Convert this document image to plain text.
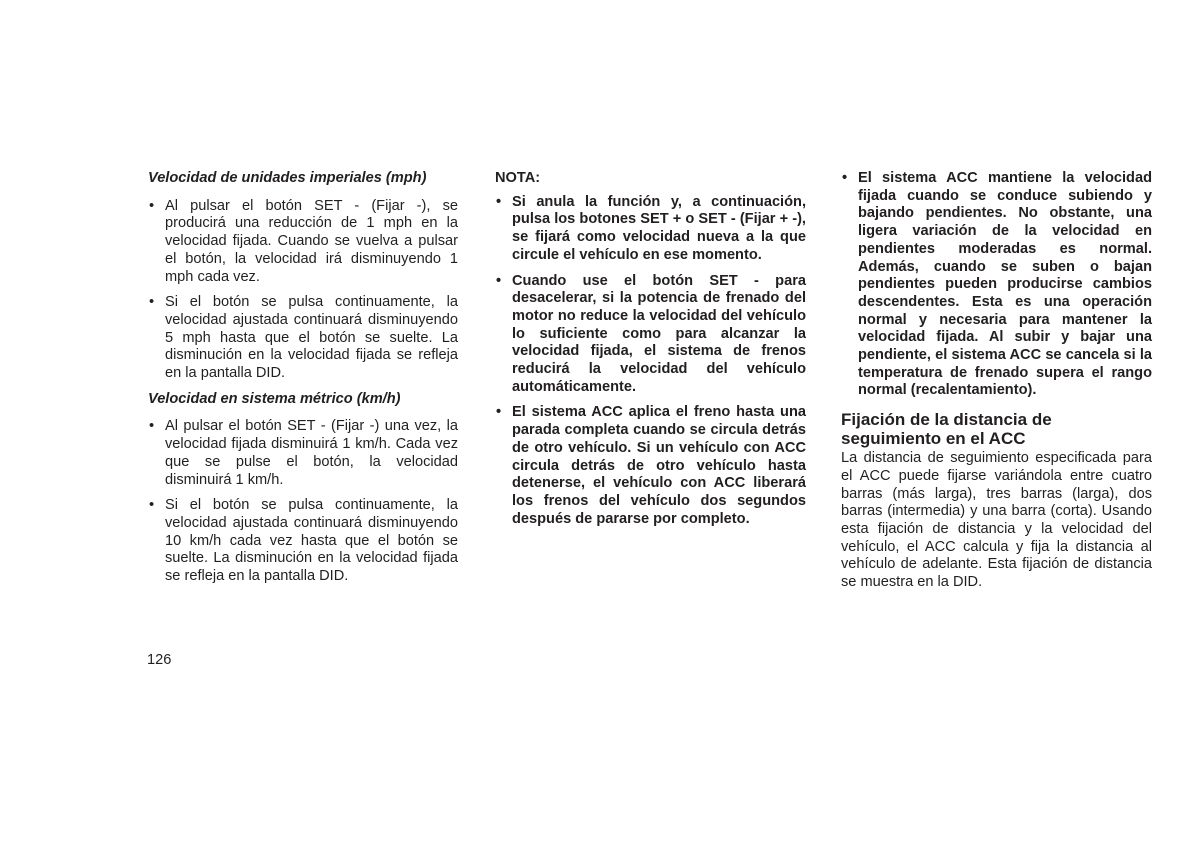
Velocidad de unidades imperiales (mph)

• Al pulsar el botón SET - (Fijar -), se producirá una reducción de 1 mph en la velocidad fijada. Cuando se vuelva a pulsar el botón, la velocidad irá disminuyendo 1 mph cada vez.
• Si el botón se pulsa continuamente, la velocidad ajustada continuará disminuyendo 5 mph hasta que el botón se suelte. La disminución en la velocidad fijada se refleja en la pantalla DID.

Velocidad en sistema métrico (km/h)

• Al pulsar el botón SET - (Fijar -) una vez, la velocidad fijada disminuirá 1 km/h. Cada vez que se pulse el botón, la velocidad disminuirá 1 km/h.
• Si el botón se pulsa continuamente, la velocidad ajustada continuará disminuyendo 10 km/h cada vez hasta que el botón se suelte. La disminución en la velocidad fijada se refleja en la pantalla DID.

NOTA:

• Si anula la función y, a continuación, pulsa los botones SET + o SET - (Fijar + -), se fijará como velocidad nueva a la que circule el vehículo en ese momento.
• Cuando use el botón SET - para desacelerar, si la potencia de frenado del motor no reduce la velocidad del vehículo lo suficiente como para alcanzar la velocidad fijada, el sistema de frenos reducirá la velocidad del vehículo automáticamente.
• El sistema ACC aplica el freno hasta una parada completa cuando se circula detrás de otro vehículo. Si un vehículo con ACC circula detrás de otro vehículo hasta detenerse, el vehículo con ACC liberará los frenos del vehículo dos segundos después de pararse por completo.
• El sistema ACC mantiene la velocidad fijada cuando se conduce subiendo y bajando pendientes. No obstante, una ligera variación de la velocidad en pendientes moderadas es normal. Además, cuando se suben o bajan pendientes pueden producirse cambios descendentes. Esta es una operación normal y necesaria para mantener la velocidad fijada. Al subir y bajar una pendiente, el sistema ACC se cancela si la temperatura de frenado supera el rango normal (recalentamiento).
Fijación de la distancia de seguimiento en el ACC

La distancia de seguimiento especificada para el ACC puede fijarse variándola entre cuatro barras (más larga), tres barras (larga), dos barras (intermedia) y una barra (corta). Usando esta fijación de distancia y la velocidad del vehículo, el ACC calcula y fija la distancia al vehículo de adelante. Esta fijación de distancia se muestra en la DID.

126
